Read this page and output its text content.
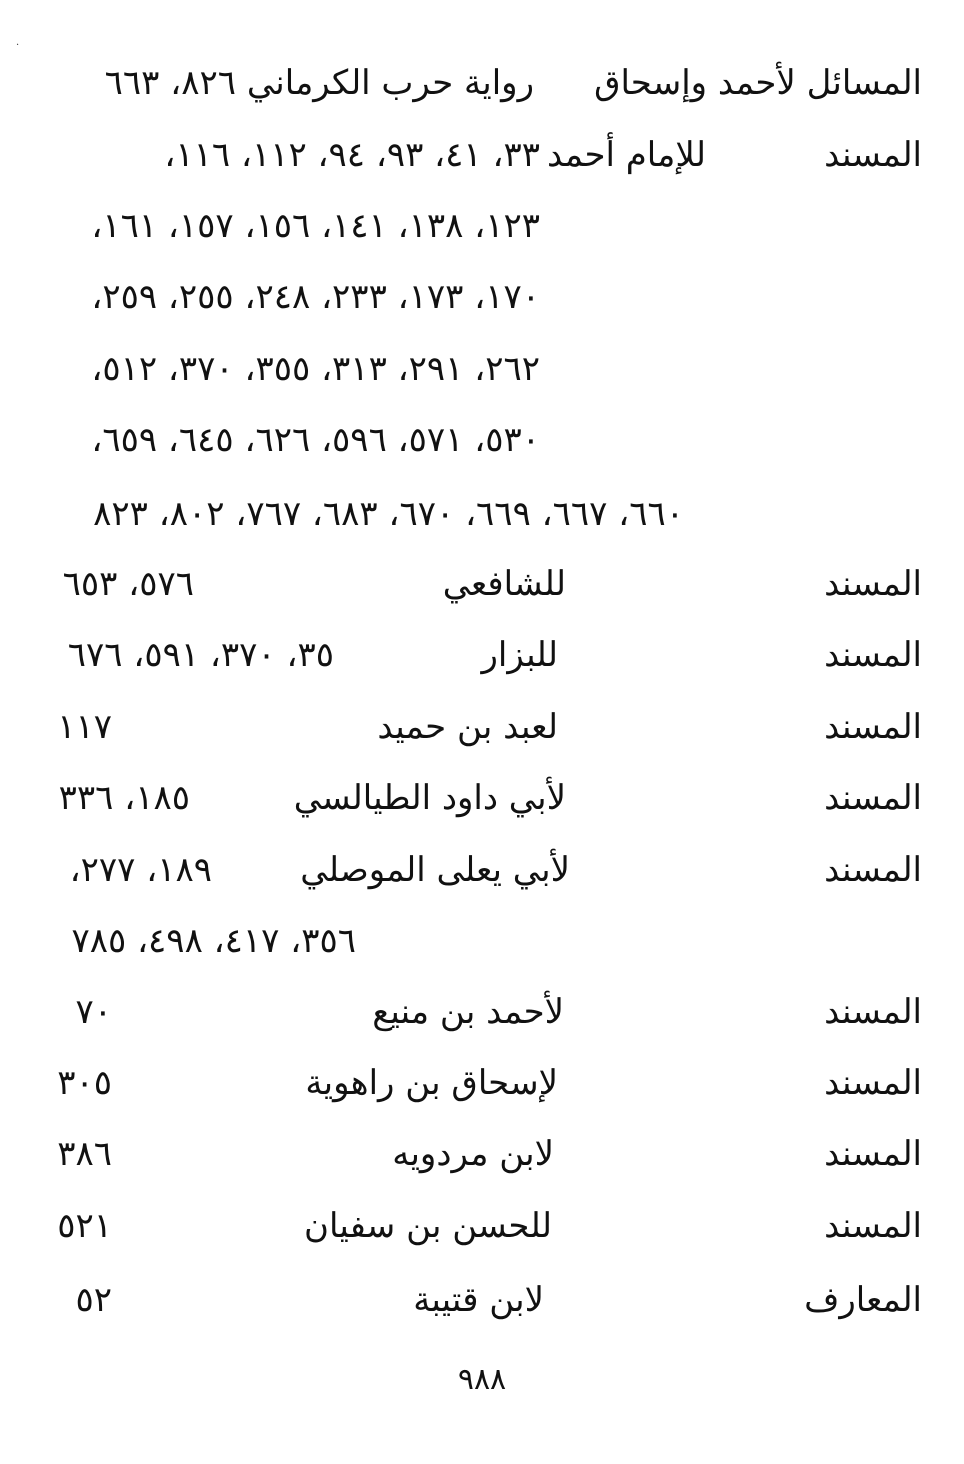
·
المسائل لأحمد وإسحاق
رواية حرب الكرماني
٨٢٦، ٦٦٣
المسند
للإمام أحمد
٣٣، ٤١، ٩٣، ٩٤، ١١٢، ١١٦،
١٢٣، ١٣٨، ١٤١، ١٥٦، ١٥٧، ١٦١،
١٧٠، ١٧٣، ٢٣٣، ٢٤٨، ٢٥٥، ٢٥٩،
٢٦٢، ٢٩١، ٣١٣، ٣٥٥، ٣٧٠، ٥١٢،
٥٣٠، ٥٧١، ٥٩٦، ٦٢٦، ٦٤٥، ٦٥٩،
٦٦٠، ٦٦٧، ٦٦٩، ٦٧٠، ٦٨٣، ٧٦٧، ٨٠٢، ٨٢٣
المسند
للشافعي
٥٧٦، ٦٥٣
المسند
للبزار
٣٥، ٣٧٠، ٥٩١، ٦٧٦
المسند
لعبد بن حميد
١١٧
المسند
لأبي داود الطيالسي
١٨٥، ٣٣٦
المسند
لأبي يعلى الموصلي
١٨٩، ٢٧٧،
٣٥٦، ٤١٧، ٤٩٨، ٧٨٥
المسند
لأحمد بن منيع
٧٠
المسند
لإسحاق بن راهوية
٣٠٥
المسند
لابن مردويه
٣٨٦
المسند
للحسن بن سفيان
٥٢١
المعارف
لابن قتيبة
٥٢
٩٨٨
